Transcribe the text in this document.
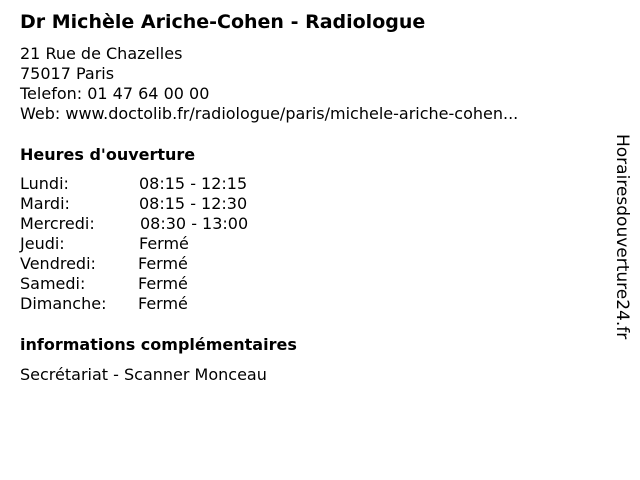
Dr Michèle Ariche-Cohen - Radiologue
21 Rue de Chazelles
75017 Paris
Telefon: 01 47 64 00 00
Web: www.doctolib.fr/radiologue/paris/michele-ariche-cohen...
Heures d'ouverture
Lundi:	08:15 - 12:15
Mardi:	08:15 - 12:30
Mercredi:	08:30 - 13:00
Jeudi:	Fermé
Vendredi:	Fermé
Samedi:	Fermé
Dimanche: Fermé
informations complémentaires
Secrétariat - Scanner Monceau
Horairesdouverture24.fr
